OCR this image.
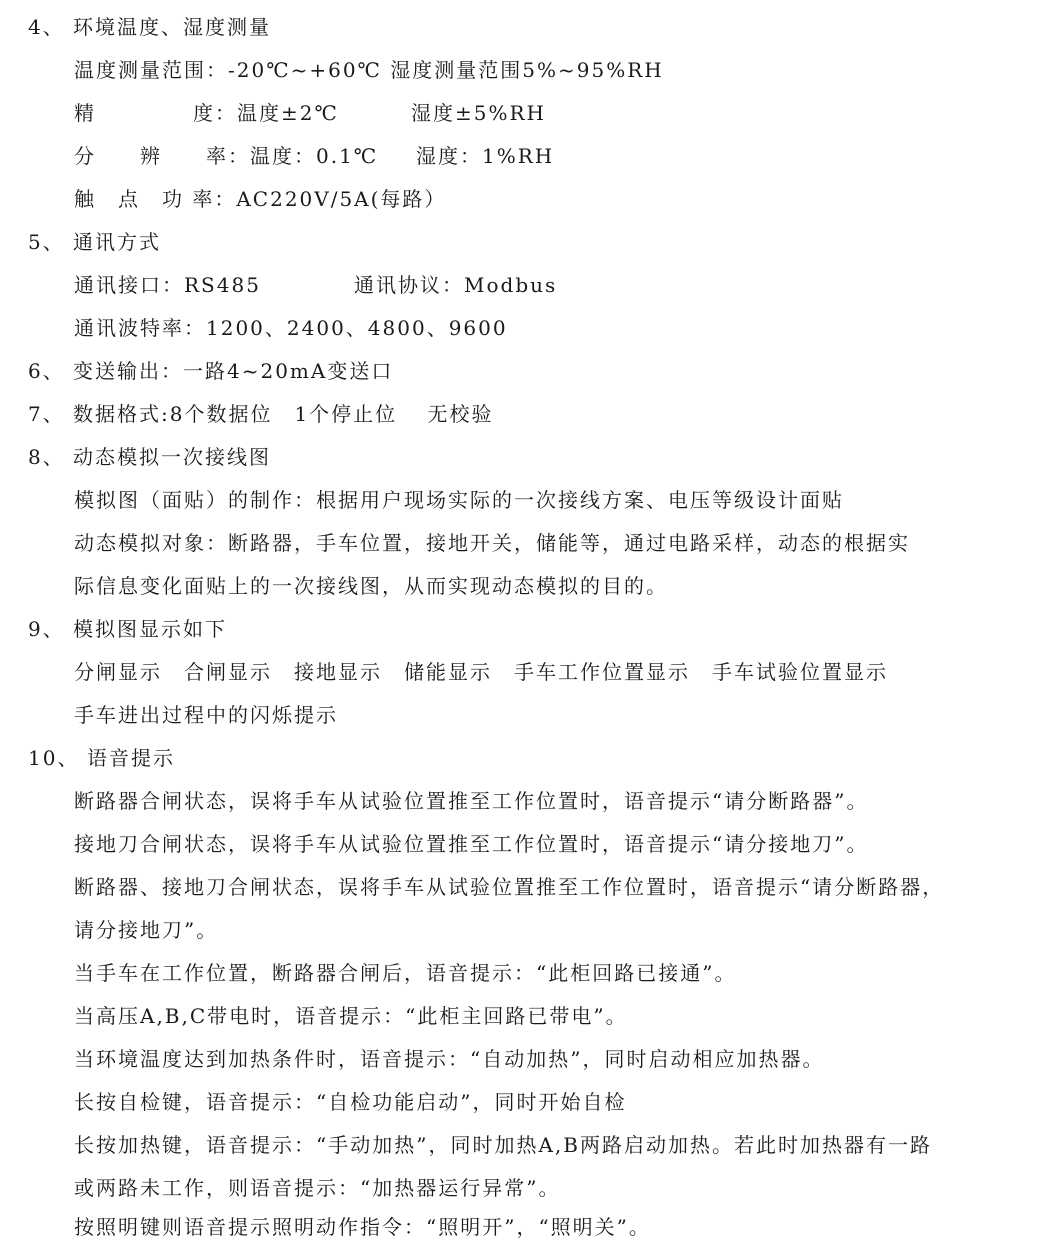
4、 环境温度、湿度测量
温度测量范围：-20℃~+60℃ 湿度测量范围5%~95%RH
精	度：温度±2℃	湿度±5%RH
分　　辨　　率：温度：0.1℃ 湿度：1%RH
触　点　功 率：AC220V/5A(每路）
5、 通讯方式
通讯接口：RS485	通讯协议：Modbus
通讯波特率：1200、2400、4800、9600
6、 变送输出：一路4~20mA变送口
7、 数据格式:8个数据位　1个停止位　 无校验
8、 动态模拟一次接线图
模拟图（面贴）的制作：根据用户现场实际的一次接线方案、电压等级设计面贴
动态模拟对象：断路器，手车位置，接地开关，储能等，通过电路采样，动态的根据实
际信息变化面贴上的一次接线图，从而实现动态模拟的目的。
9、 模拟图显示如下
分闸显示　合闸显示　接地显示　储能显示　手车工作位置显示　手车试验位置显示
手车进出过程中的闪烁提示
10、 语音提示
断路器合闸状态，误将手车从试验位置推至工作位置时，语音提示“请分断路器”。
接地刀合闸状态，误将手车从试验位置推至工作位置时，语音提示“请分接地刀”。
断路器、接地刀合闸状态，误将手车从试验位置推至工作位置时，语音提示“请分断路器，
请分接地刀”。
当手车在工作位置，断路器合闸后，语音提示：“此柜回路已接通”。
当高压A,B,C带电时，语音提示：“此柜主回路已带电”。
当环境温度达到加热条件时，语音提示：“自动加热”，同时启动相应加热器。
长按自检键，语音提示：“自检功能启动”，同时开始自检
长按加热键，语音提示：“手动加热”，同时加热A,B两路启动加热。若此时加热器有一路
或两路未工作，则语音提示：“加热器运行异常”。
按照明键则语音提示照明动作指令：“照明开”，“照明关”。
